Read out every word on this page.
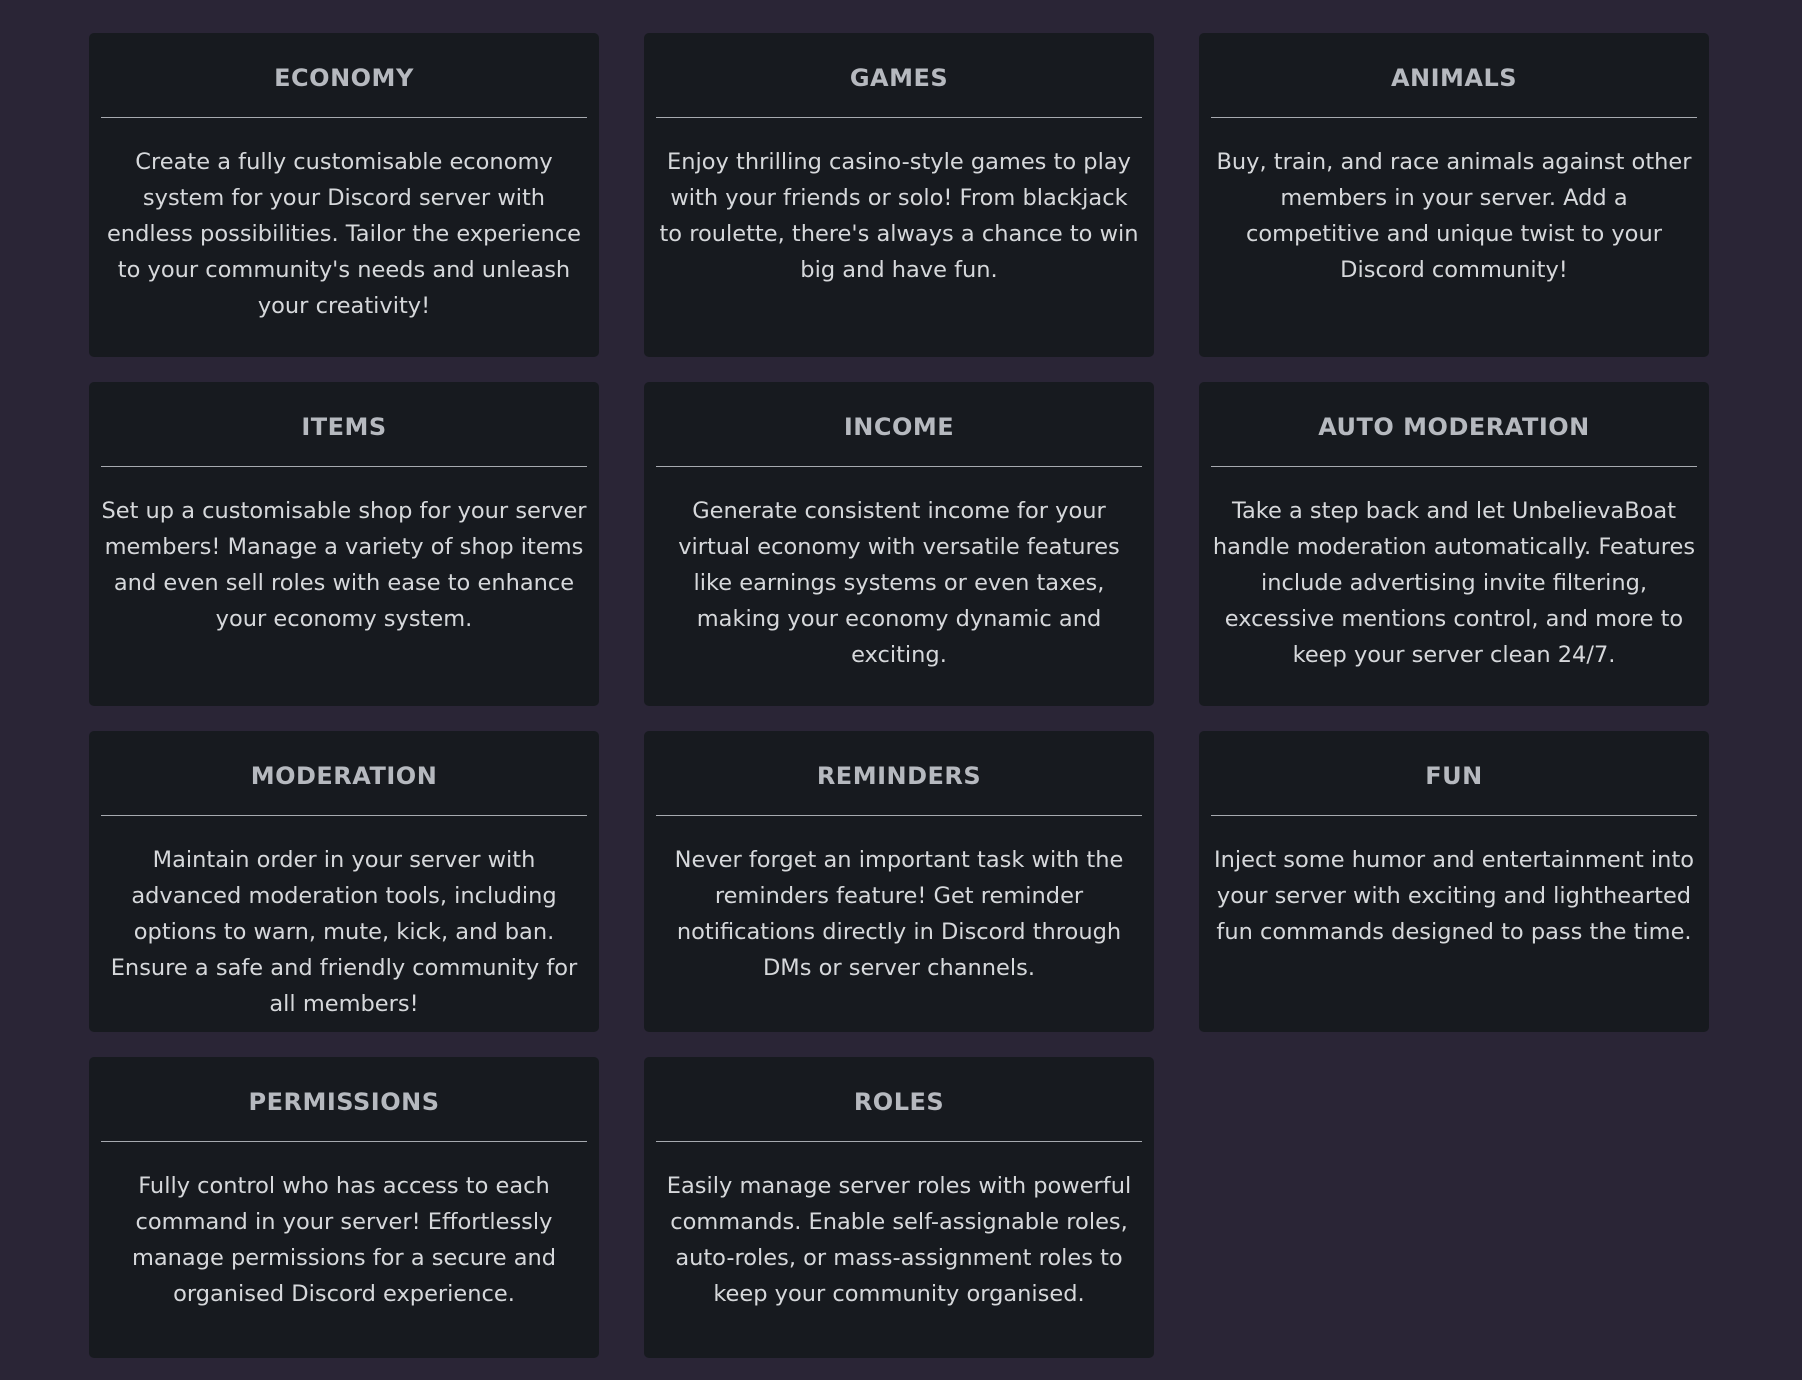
ECONOMY

Create a fully customisable economy system for your Discord server with endless possibilities. Tailor the experience to your community's needs and unleash your creativity!

GAMES

Enjoy thrilling casino-style games to play with your friends or solo! From blackjack to roulette, there's always a chance to win big and have fun.

ANIMALS

Buy, train, and race animals against other members in your server. Add a competitive and unique twist to your Discord community!

ITEMS

Set up a customisable shop for your server members! Manage a variety of shop items and even sell roles with ease to enhance your economy system.

INCOME

Generate consistent income for your virtual economy with versatile features like earnings systems or even taxes, making your economy dynamic and exciting.

AUTO MODERATION

Take a step back and let UnbelievaBoat handle moderation automatically. Features include advertising invite filtering, excessive mentions control, and more to keep your server clean 24/7.

MODERATION

Maintain order in your server with advanced moderation tools, including options to warn, mute, kick, and ban. Ensure a safe and friendly community for all members!

REMINDERS

Never forget an important task with the reminders feature! Get reminder notifications directly in Discord through DMs or server channels.

FUN

Inject some humor and entertainment into your server with exciting and lighthearted fun commands designed to pass the time.

PERMISSIONS

Fully control who has access to each command in your server! Effortlessly manage permissions for a secure and organised Discord experience.

ROLES

Easily manage server roles with powerful commands. Enable self-assignable roles, auto-roles, or mass-assignment roles to keep your community organised.
